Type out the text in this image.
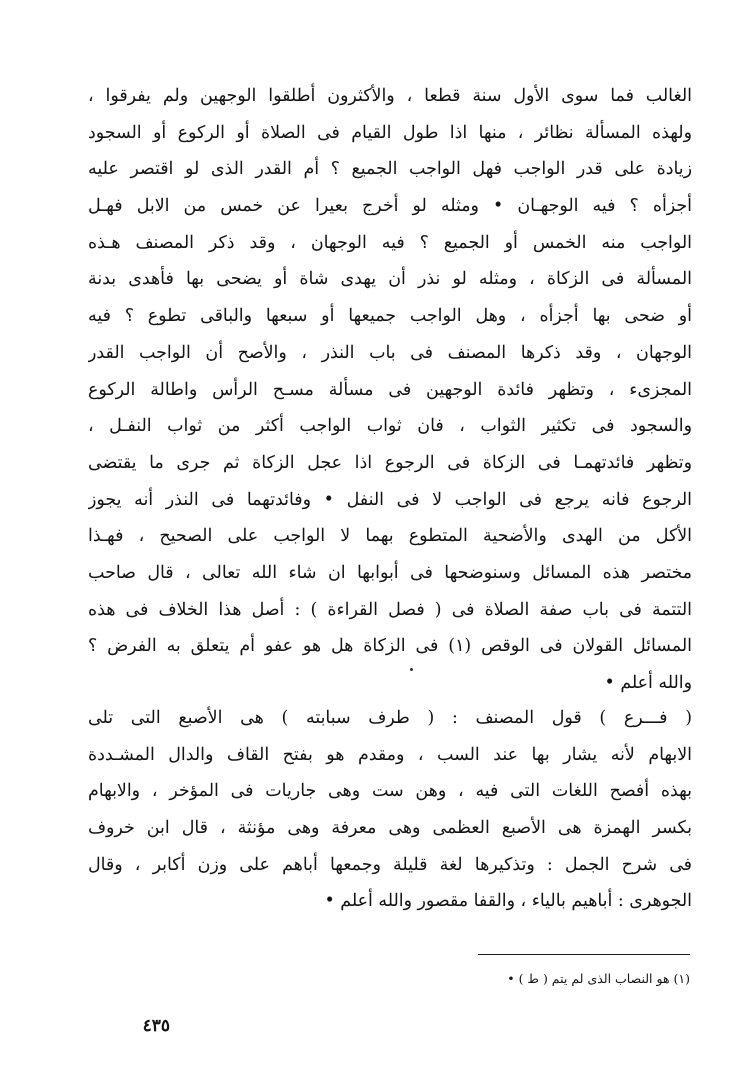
الغالب فما سوى الأول سنة قطعا ، والأكثرون أطلقوا الوجهين ولم يفرقوا ،
ولهذه المسألة نظائر ، منها اذا طول القيام فى الصلاة أو الركوع أو السجود
زيادة على قدر الواجب فهل الواجب الجميع ؟ أم القدر الذى لو اقتصر عليه
أجزأه ؟ فيه الوجهـان • ومثله لو أخرج بعيرا عن خمس من الابل فهـل
الواجب منه الخمس أو الجميع ؟ فيه الوجهان ، وقد ذكر المصنف هـذه
المسألة فى الزكاة ، ومثله لو نذر أن يهدى شاة أو يضحى بها فأهدى بدنة
أو ضحى بها أجزأه ، وهل الواجب جميعها أو سبعها والباقى تطوع ؟ فيه
الوجهان ، وقد ذكرها المصنف فى باب النذر ، والأصح أن الواجب القدر
المجزىء ، وتظهر فائدة الوجهين فى مسألة مسـح الرأس واطالة الركوع
والسجود فى تكثير الثواب ، فان ثواب الواجب أكثر من ثواب النفـل ،
وتظهر فائدتهمـا فى الزكاة فى الرجوع اذا عجل الزكاة ثم جرى ما يقتضى
الرجوع فانه يرجع فى الواجب لا فى النفل • وفائدتهما فى النذر أنه يجوز
الأكل من الهدى والأضحية المتطوع بهما لا الواجب على الصحيح ، فهـذا
مختصر هذه المسائل وسنوضحها فى أبوابها ان شاء الله تعالى ، قال صاحب
التتمة فى باب صفة الصلاة فى ( فصل القراءة ) : أصل هذا الخلاف فى هذه
المسائل القولان فى الوقص (١) فى الزكاة هل هو عفو أم يتعلق به الفرض ؟
والله أعلم •
( فـــرع ) قول المصنف : ( طرف سبابته ) هى الأصبع التى تلى
الابهام لأنه يشار بها عند السب ، ومقدم هو بفتح القاف والدال المشـددة
بهذه أفصح اللغات التى فيه ، وهن ست وهى جاريات فى المؤخر ، والابهام
بكسر الهمزة هى الأصبع العظمى وهى معرفة وهى مؤنثة ، قال ابن خروف
فى شرح الجمل : وتذكيرها لغة قليلة وجمعها أباهم على وزن أكابر ، وقال
الجوهرى : أباهيم بالياء ، والقفا مقصور والله أعلم •
(١) هو النصاب الذى لم يتم ( ط ) •
٤٣٥
